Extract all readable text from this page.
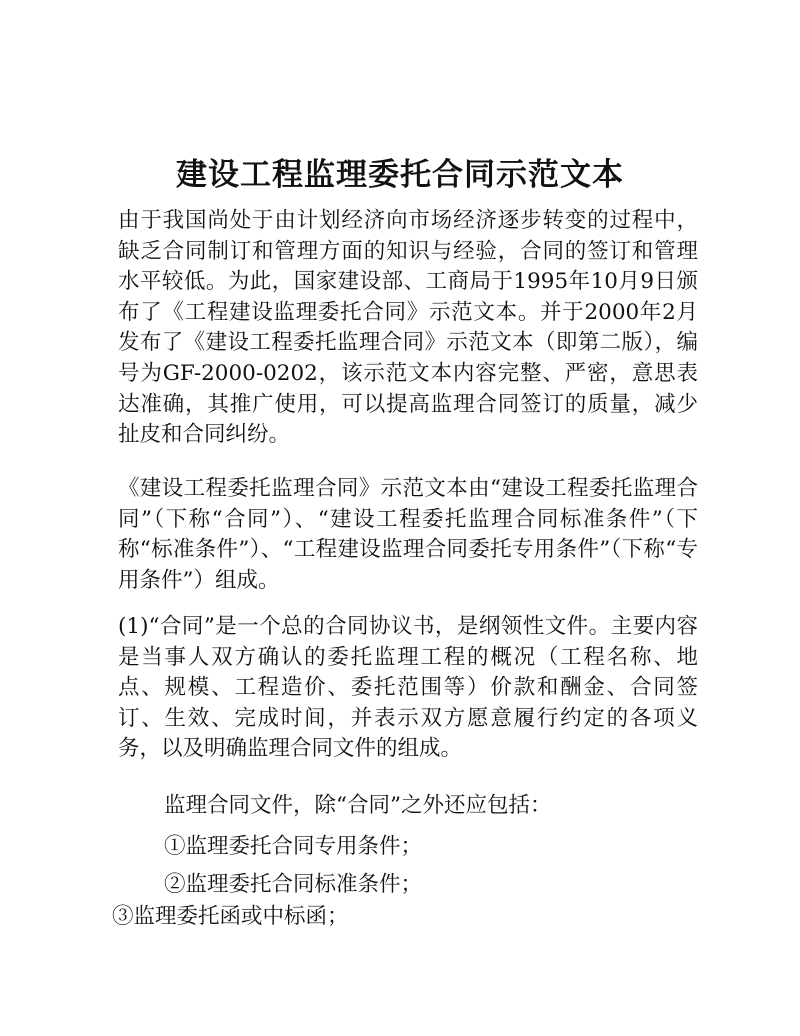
建设工程监理委托合同示范文本

由于我国尚处于由计划经济向市场经济逐步转变的过程中，缺乏合同制订和管理方面的知识与经验，合同的签订和管理水平较低。为此，国家建设部、工商局于1995年10月9日颁布了《工程建设监理委托合同》示范文本。并于2000年2月发布了《建设工程委托监理合同》示范文本（即第二版），编号为GF-2000-0202，该示范文本内容完整、严密，意思表达准确，其推广使用，可以提高监理合同签订的质量，减少扯皮和合同纠纷。

《建设工程委托监理合同》示范文本由“建设工程委托监理合同”（下称“合同”）、“建设工程委托监理合同标准条件”（下称“标准条件”）、“工程建设监理合同委托专用条件”（下称“专用条件”）组成。

(1)“合同”是一个总的合同协议书，是纲领性文件。主要内容是当事人双方确认的委托监理工程的概况（工程名称、地点、规模、工程造价、委托范围等）价款和酬金、合同签订、生效、完成时间，并表示双方愿意履行约定的各项义务，以及明确监理合同文件的组成。

监理合同文件，除“合同”之外还应包括：

①监理委托合同专用条件；

②监理委托合同标准条件；

③监理委托函或中标函；
